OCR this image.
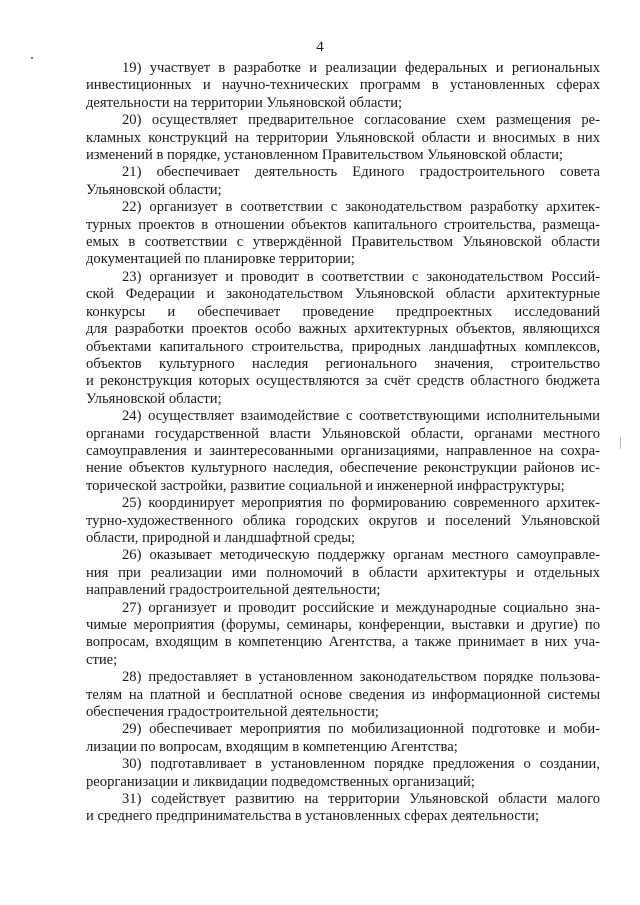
4
19) участвует в разработке и реализации федеральных и региональных
инвестиционных и научно-технических программ в установленных сферах
деятельности на территории Ульяновской области;
20) осуществляет предварительное согласование схем размещения ре-
кламных конструкций на территории Ульяновской области и вносимых в них
изменений в порядке, установленном Правительством Ульяновской области;
21) обеспечивает деятельность Единого градостроительного совета
Ульяновской области;
22) организует в соответствии с законодательством разработку архитек-
турных проектов в отношении объектов капитального строительства, размеща-
емых в соответствии с утверждённой Правительством Ульяновской области
документацией по планировке территории;
23) организует и проводит в соответствии с законодательством Россий-
ской Федерации и законодательством Ульяновской области архитектурные
конкурсы и обеспечивает проведение предпроектных исследований
для разработки проектов особо важных архитектурных объектов, являющихся
объектами капитального строительства, природных ландшафтных комплексов,
объектов культурного наследия регионального значения, строительство
и реконструкция которых осуществляются за счёт средств областного бюджета
Ульяновской области;
24) осуществляет взаимодействие с соответствующими исполнительными
органами государственной власти Ульяновской области, органами местного
самоуправления и заинтересованными организациями, направленное на сохра-
нение объектов культурного наследия, обеспечение реконструкции районов ис-
торической застройки, развитие социальной и инженерной инфраструктуры;
25) координирует мероприятия по формированию современного архитек-
турно-художественного облика городских округов и поселений Ульяновской
области, природной и ландшафтной среды;
26) оказывает методическую поддержку органам местного самоуправле-
ния при реализации ими полномочий в области архитектуры и отдельных
направлений градостроительной деятельности;
27) организует и проводит российские и международные социально зна-
чимые мероприятия (форумы, семинары, конференции, выставки и другие) по
вопросам, входящим в компетенцию Агентства, а также принимает в них уча-
стие;
28) предоставляет в установленном законодательством порядке пользова-
телям на платной и бесплатной основе сведения из информационной системы
обеспечения градостроительной деятельности;
29) обеспечивает мероприятия по мобилизационной подготовке и моби-
лизации по вопросам, входящим в компетенцию Агентства;
30) подготавливает в установленном порядке предложения о создании,
реорганизации и ликвидации подведомственных организаций;
31) содействует развитию на территории Ульяновской области малого
и среднего предпринимательства в установленных сферах деятельности;
